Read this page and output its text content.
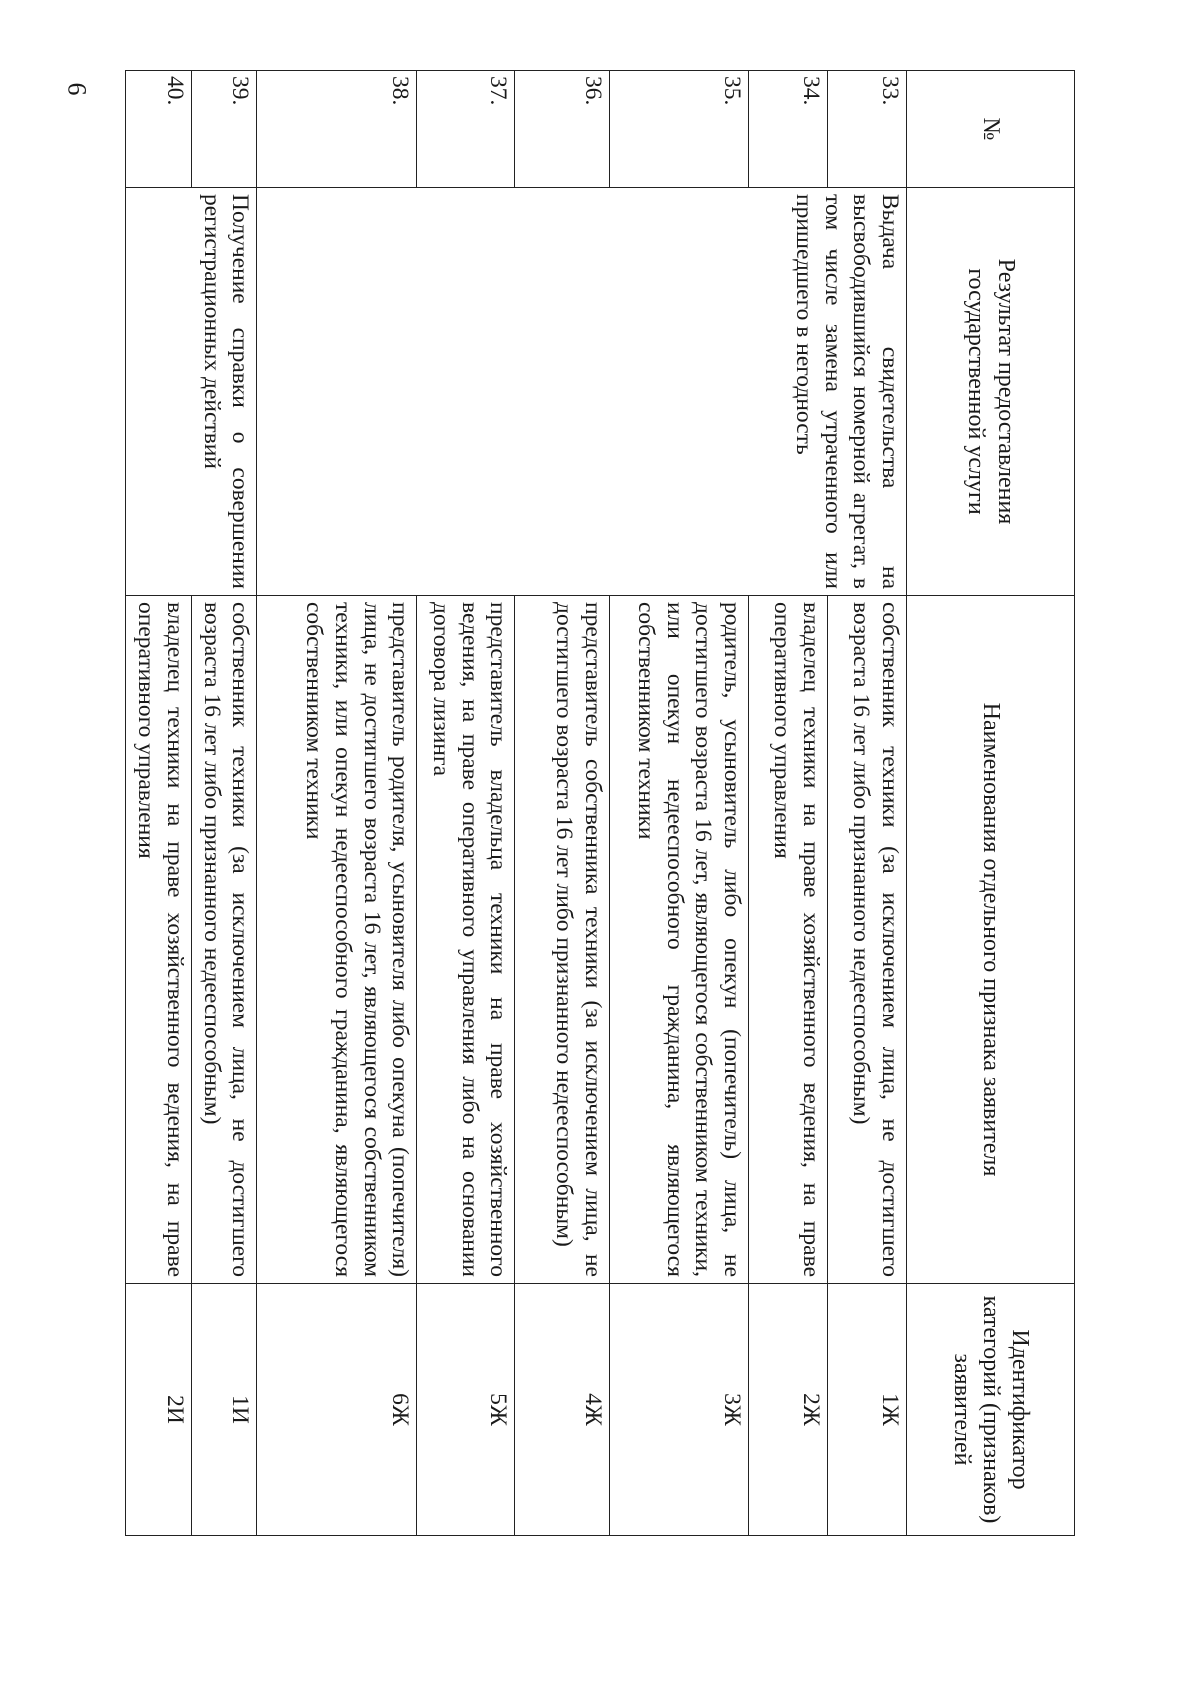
6
№	Результат предоставления государственной услуги	Наименования отдельного признака заявителя	Идентификатор категорий (признаков) заявителей
33.	Выдача свидетельства на высвободившийся номерной агрегат, в том числе замена утраченного или пришедшего в негодность	собственник техники (за исключением лица, не достигшего возраста 16 лет либо признанного недееспособным)	1Ж
34.		владелец техники на праве хозяйственного ведения, на праве оперативного управления	2Ж
35.		родитель, усыновитель либо опекун (попечитель) лица, не достигшего возраста 16 лет, являющегося собственником техники, или опекун недееспособного гражданина, являющегося собственником техники	3Ж
36.		представитель собственника техники (за исключением лица, не достигшего возраста 16 лет либо признанного недееспособным)	4Ж
37.		представитель владельца техники на праве хозяйственного ведения, на праве оперативного управления либо на основании договора лизинга	5Ж
38.		представитель родителя, усыновителя либо опекуна (попечителя) лица, не достигшего возраста 16 лет, являющегося собственником техники, или опекун недееспособного гражданина, являющегося собственником техники	6Ж
39.	Получение справки о совершении регистрационных действий	собственник техники (за исключением лица, не достигшего возраста 16 лет либо признанного недееспособным)	1И
40.		владелец техники на праве хозяйственного ведения, на праве оперативного управления	2И
